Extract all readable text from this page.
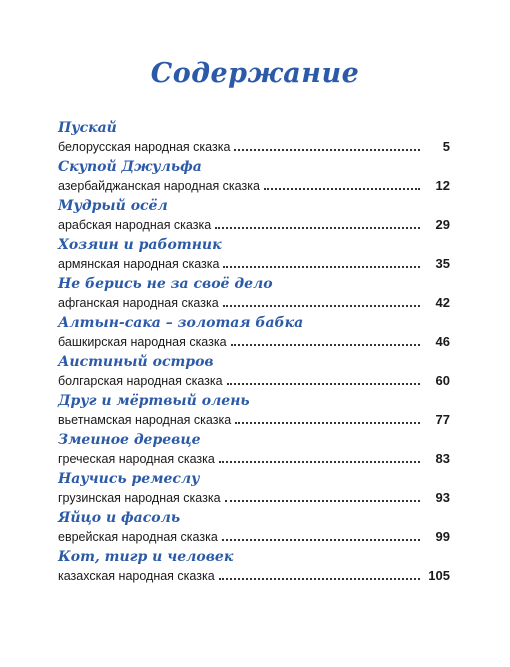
Содержание
Пускай
белорусская народная сказка	5
Скупой Джульфа
азербайджанская народная сказка	12
Мудрый осёл
арабская народная сказка	29
Хозяин и работник
армянская народная сказка	35
Не берись не за своё дело
афганская народная сказка	42
Алтын-сака – золотая бабка
башкирская народная сказка	46
Аистиный остров
болгарская народная сказка	60
Друг и мёртвый олень
вьетнамская народная сказка	77
Змеиное деревце
греческая народная сказка	83
Научись ремеслу
грузинская народная сказка	93
Яйцо и фасоль
еврейская народная сказка	99
Кот, тигр и человек
казахская народная сказка	105
